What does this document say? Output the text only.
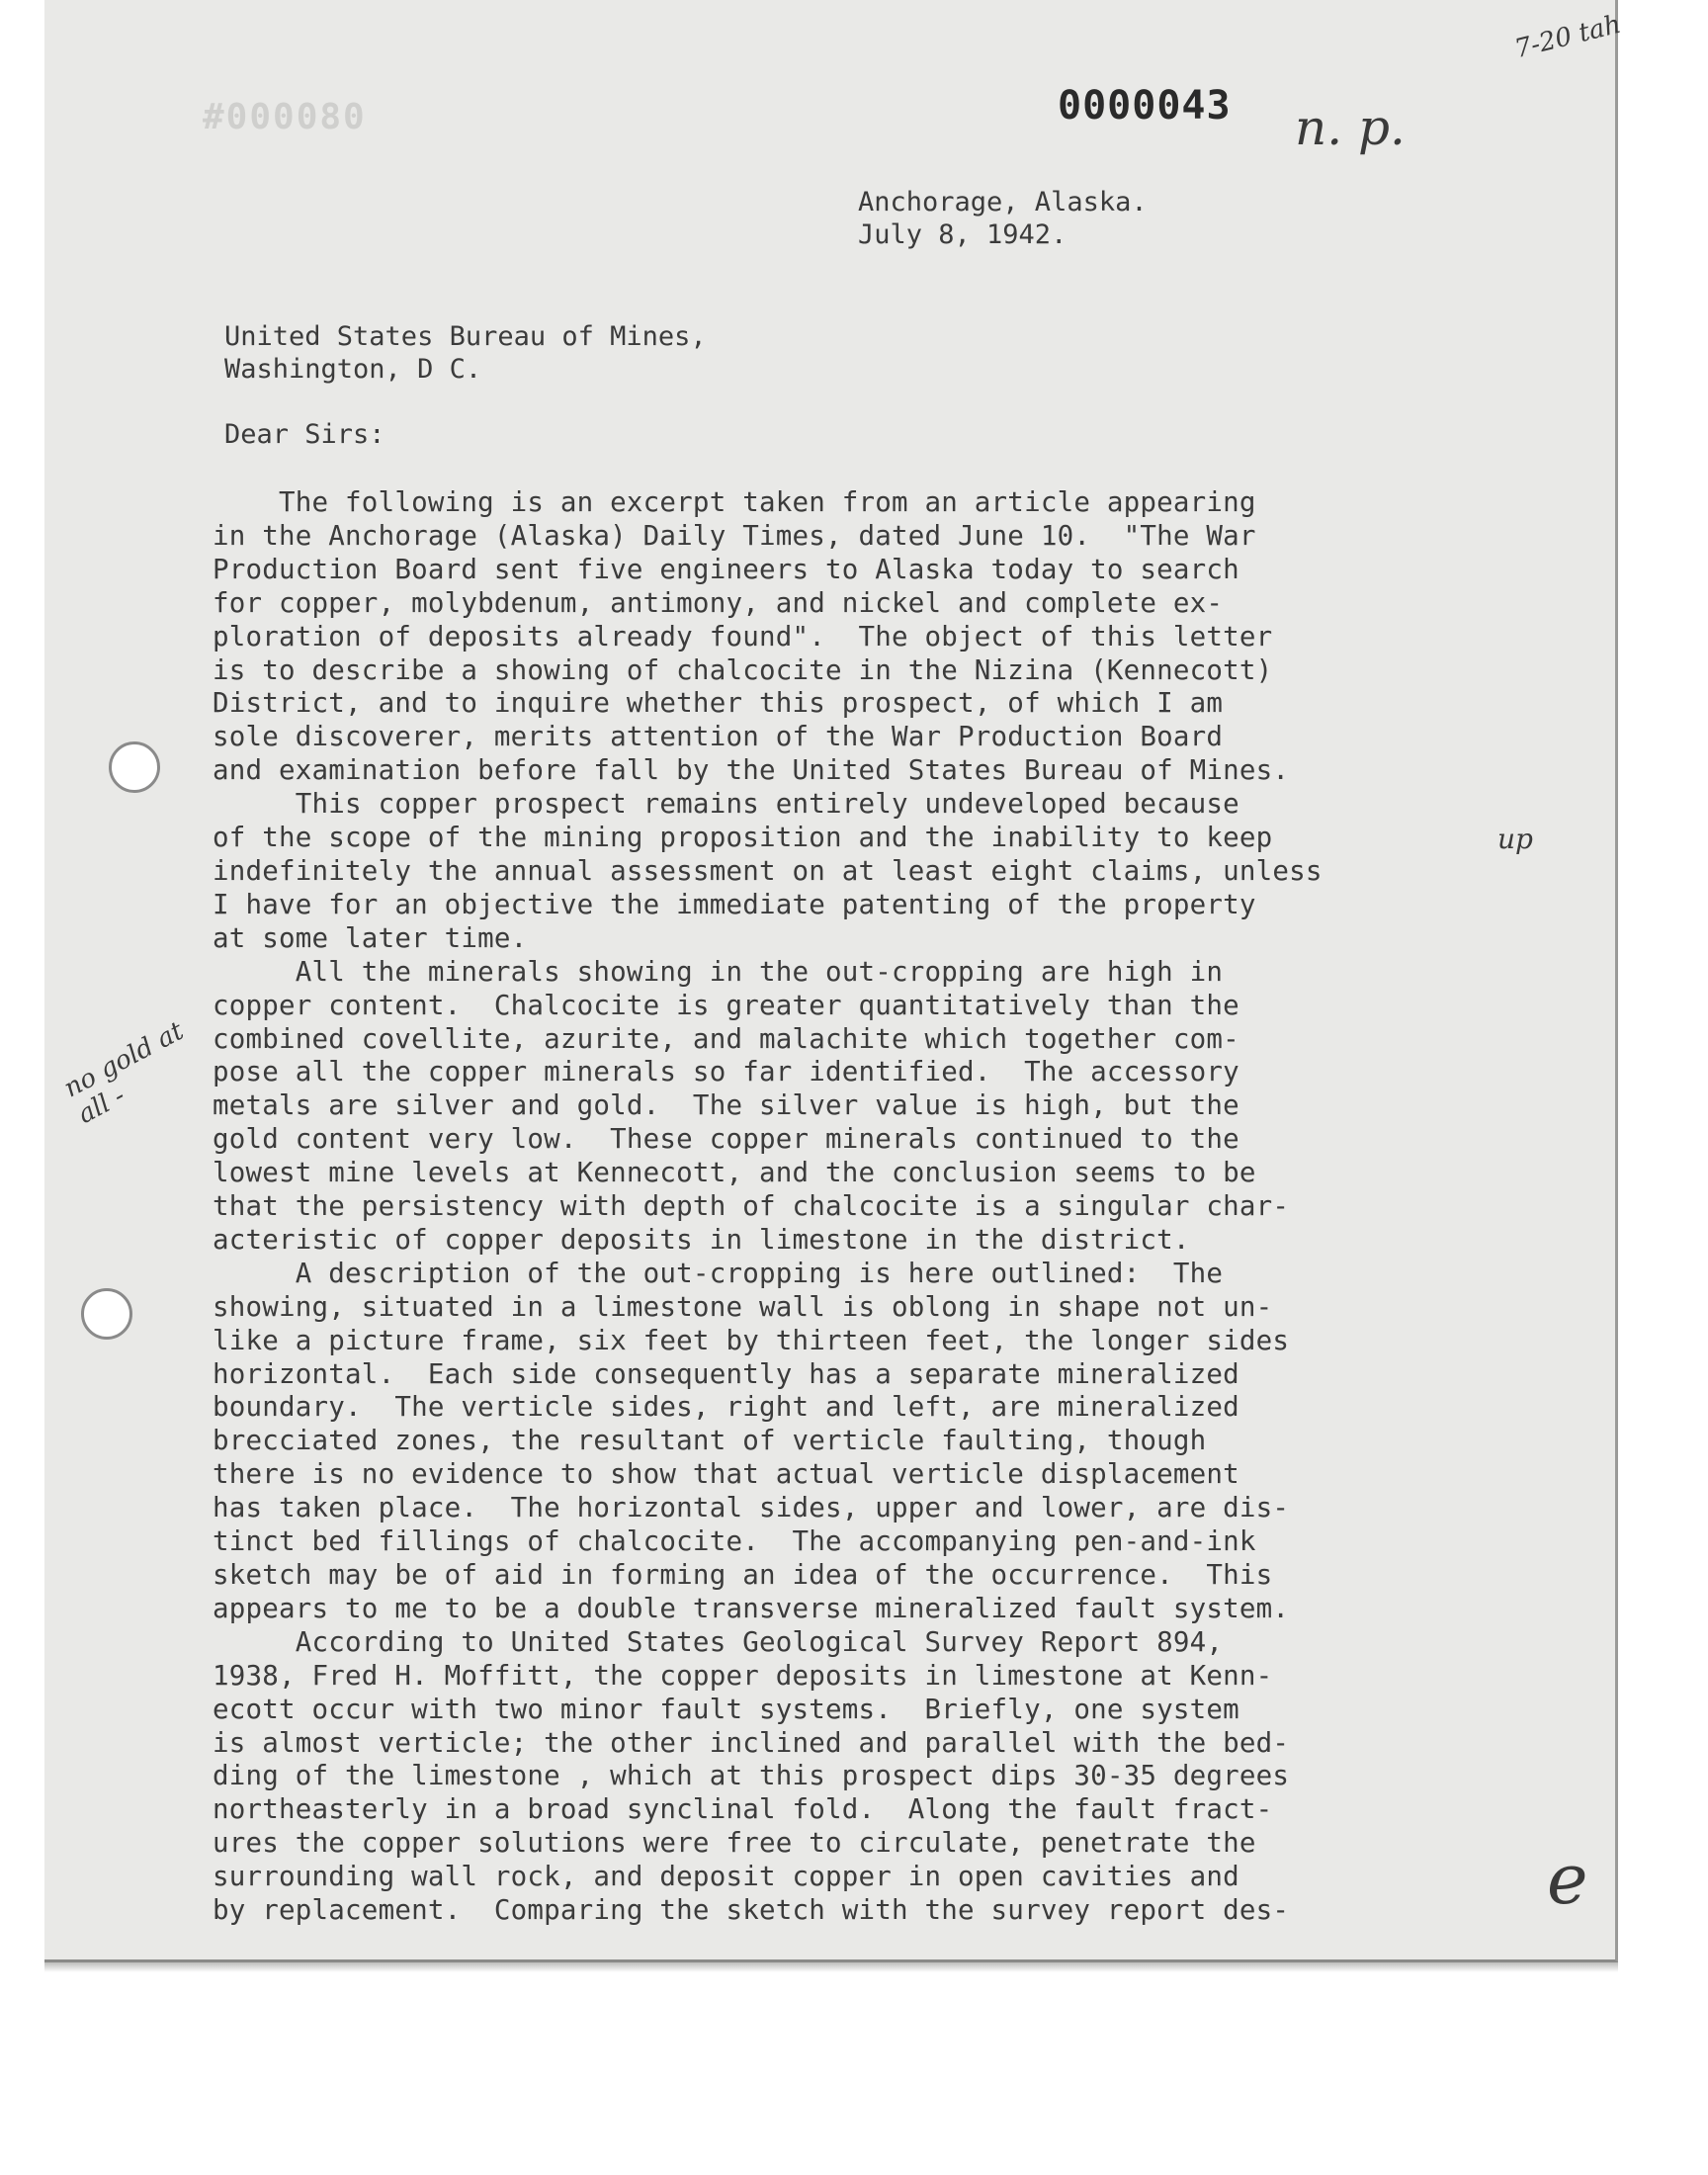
#000080	0000043 n. p.
7-20 tah
no gold at all -
up
e
Anchorage, Alaska.
July 8, 1942.
United States Bureau of Mines,
Washington, D C.
Dear Sirs:
The following is an excerpt taken from an article appearing
in the Anchorage (Alaska) Daily Times, dated June 10.  "The War
Production Board sent five engineers to Alaska today to search
for copper, molybdenum, antimony, and nickel and complete ex-
ploration of deposits already found".  The object of this letter
is to describe a showing of chalcocite in the Nizina (Kennecott)
District, and to inquire whether this prospect, of which I am
sole discoverer, merits attention of the War Production Board
and examination before fall by the United States Bureau of Mines.
This copper prospect remains entirely undeveloped because
of the scope of the mining proposition and the inability to keep
indefinitely the annual assessment on at least eight claims, unless
I have for an objective the immediate patenting of the property
at some later time.
All the minerals showing in the out-cropping are high in
copper content.  Chalcocite is greater quantitatively than the
combined covellite, azurite, and malachite which together com-
pose all the copper minerals so far identified.  The accessory
metals are silver and gold.  The silver value is high, but the
gold content very low.  These copper minerals continued to the
lowest mine levels at Kennecott, and the conclusion seems to be
that the persistency with depth of chalcocite is a singular char-
acteristic of copper deposits in limestone in the district.
A description of the out-cropping is here outlined:  The
showing, situated in a limestone wall is oblong in shape not un-
like a picture frame, six feet by thirteen feet, the longer sides
horizontal.  Each side consequently has a separate mineralized
boundary.  The verticle sides, right and left, are mineralized
brecciated zones, the resultant of verticle faulting, though
there is no evidence to show that actual verticle displacement
has taken place.  The horizontal sides, upper and lower, are dis-
tinct bed fillings of chalcocite.  The accompanying pen-and-ink
sketch may be of aid in forming an idea of the occurrence.  This
appears to me to be a double transverse mineralized fault system.
According to United States Geological Survey Report 894,
1938, Fred H. Moffitt, the copper deposits in limestone at Kenn-
ecott occur with two minor fault systems.  Briefly, one system
is almost verticle; the other inclined and parallel with the bed-
ding of the limestone , which at this prospect dips 30-35 degrees
northeasterly in a broad synclinal fold.  Along the fault fract-
ures the copper solutions were free to circulate, penetrate the
surrounding wall rock, and deposit copper in open cavities and
by replacement.  Comparing the sketch with the survey report des-
